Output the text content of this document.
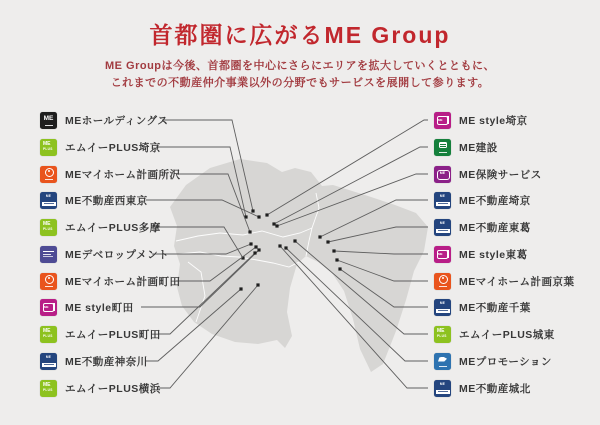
首都圏に広がるME Group
ME Groupは今後、首都圏を中心にさらにエリアを拡大していくとともに、
これまでの不動産仲介事業以外の分野でもサービスを展開して参ります。
ME	MEホールディングス
ME
PLUS エムイーPLUS埼京
MEマイホーム計画所沢
ME	ME不動産西東京
ME
PLUS エムイーPLUS多摩
MEデベロップメント
MEマイホーム計画町田
ME ME style町田
ME
PLUS エムイーPLUS町田
ME	ME不動産神奈川
ME
PLUS エムイーPLUS横浜
ME ME style埼京
ME建設
ME	ME保険サービス
ME	ME不動産埼京
ME	ME不動産東葛
ME ME style東葛
MEマイホーム計画京葉
ME	ME不動産千葉
ME
PLUS エムイーPLUS城東
MEプロモーション
ME	ME不動産城北
